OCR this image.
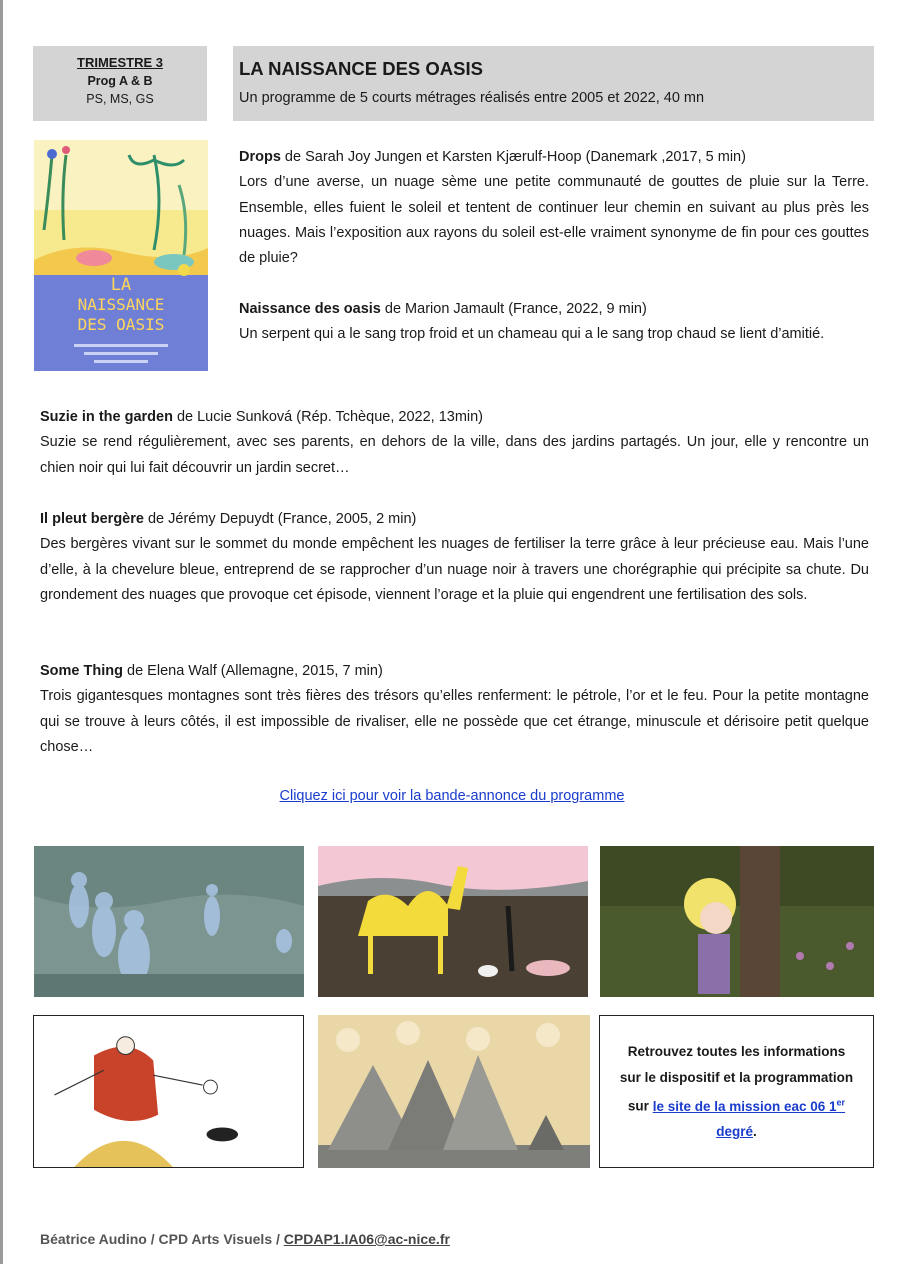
TRIMESTRE 3
Prog A & B
PS, MS, GS
LA NAISSANCE DES OASIS
Un programme de 5 courts métrages réalisés entre 2005 et 2022, 40 mn
LA
NAISSANCE
DES OASIS

Drops de Sarah Joy Jungen et Karsten Kjærulf-Hoop (Danemark ,2017, 5 min)
Lors d’une averse, un nuage sème une petite communauté de gouttes de pluie sur la Terre. Ensemble, elles fuient le soleil et tentent de continuer leur chemin en suivant au plus près les nuages. Mais l’exposition aux rayons du soleil est-elle vraiment synonyme de fin pour ces gouttes de pluie?

Naissance des oasis de Marion Jamault (France, 2022, 9 min)
Un serpent qui a le sang trop froid et un chameau qui a le sang trop chaud se lient d’amitié.

Suzie in the garden de Lucie Sunková (Rép. Tchèque, 2022, 13min)
Suzie se rend régulièrement, avec ses parents, en dehors de la ville, dans des jardins partagés. Un jour, elle y rencontre un chien noir qui lui fait découvrir un jardin secret…

Il pleut bergère de Jérémy Depuydt (France, 2005, 2 min)
Des bergères vivant sur le sommet du monde empêchent les nuages de fertiliser la terre grâce à leur précieuse eau. Mais l’une d’elle, à la chevelure bleue, entreprend de se rapprocher d’un nuage noir à travers une chorégraphie qui précipite sa chute. Du grondement des nuages que provoque cet épisode, viennent l’orage et la pluie qui engendrent une fertilisation des sols.

Some Thing de Elena Walf (Allemagne, 2015, 7 min)
Trois gigantesques montagnes sont très fières des trésors qu’elles renferment: le pétrole, l’or et le feu. Pour la petite montagne qui se trouve à leurs côtés, il est impossible de rivaliser, elle ne possède que cet étrange, minuscule et dérisoire petit quelque chose…

Cliquez ici pour voir la bande-annonce du programme
Retrouvez toutes les informations
sur le dispositif et la programmation
sur le site de la mission eac 06 1er
degré.
Béatrice Audino / CPD Arts Visuels / CPDAP1.IA06@ac-nice.fr
